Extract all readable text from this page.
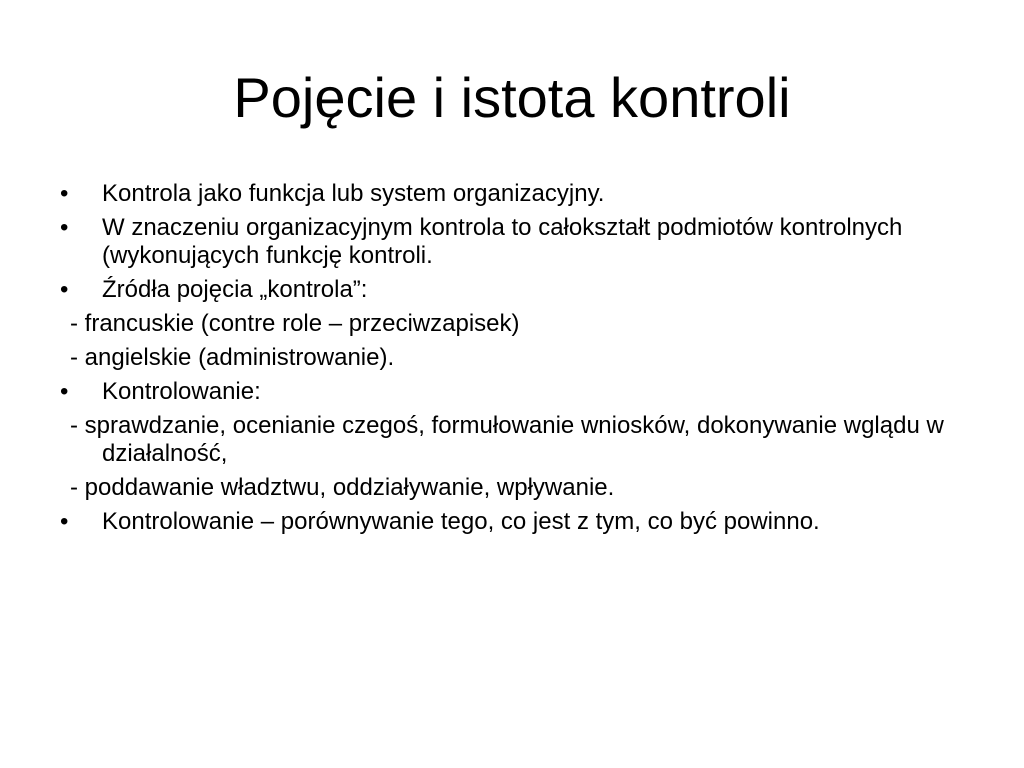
Pojęcie i istota kontroli
•	Kontrola jako funkcja lub system organizacyjny.
•	W znaczeniu organizacyjnym kontrola to całokształt podmiotów kontrolnych (wykonujących funkcję kontroli.
•	Źródła pojęcia „kontrola”:
- francuskie (contre role – przeciwzapisek)
- angielskie (administrowanie).
•	Kontrolowanie:
- sprawdzanie, ocenianie czegoś, formułowanie wniosków, dokonywanie wglądu w działalność,
- poddawanie władztwu, oddziaływanie, wpływanie.
•	Kontrolowanie – porównywanie tego, co jest z tym, co być powinno.
